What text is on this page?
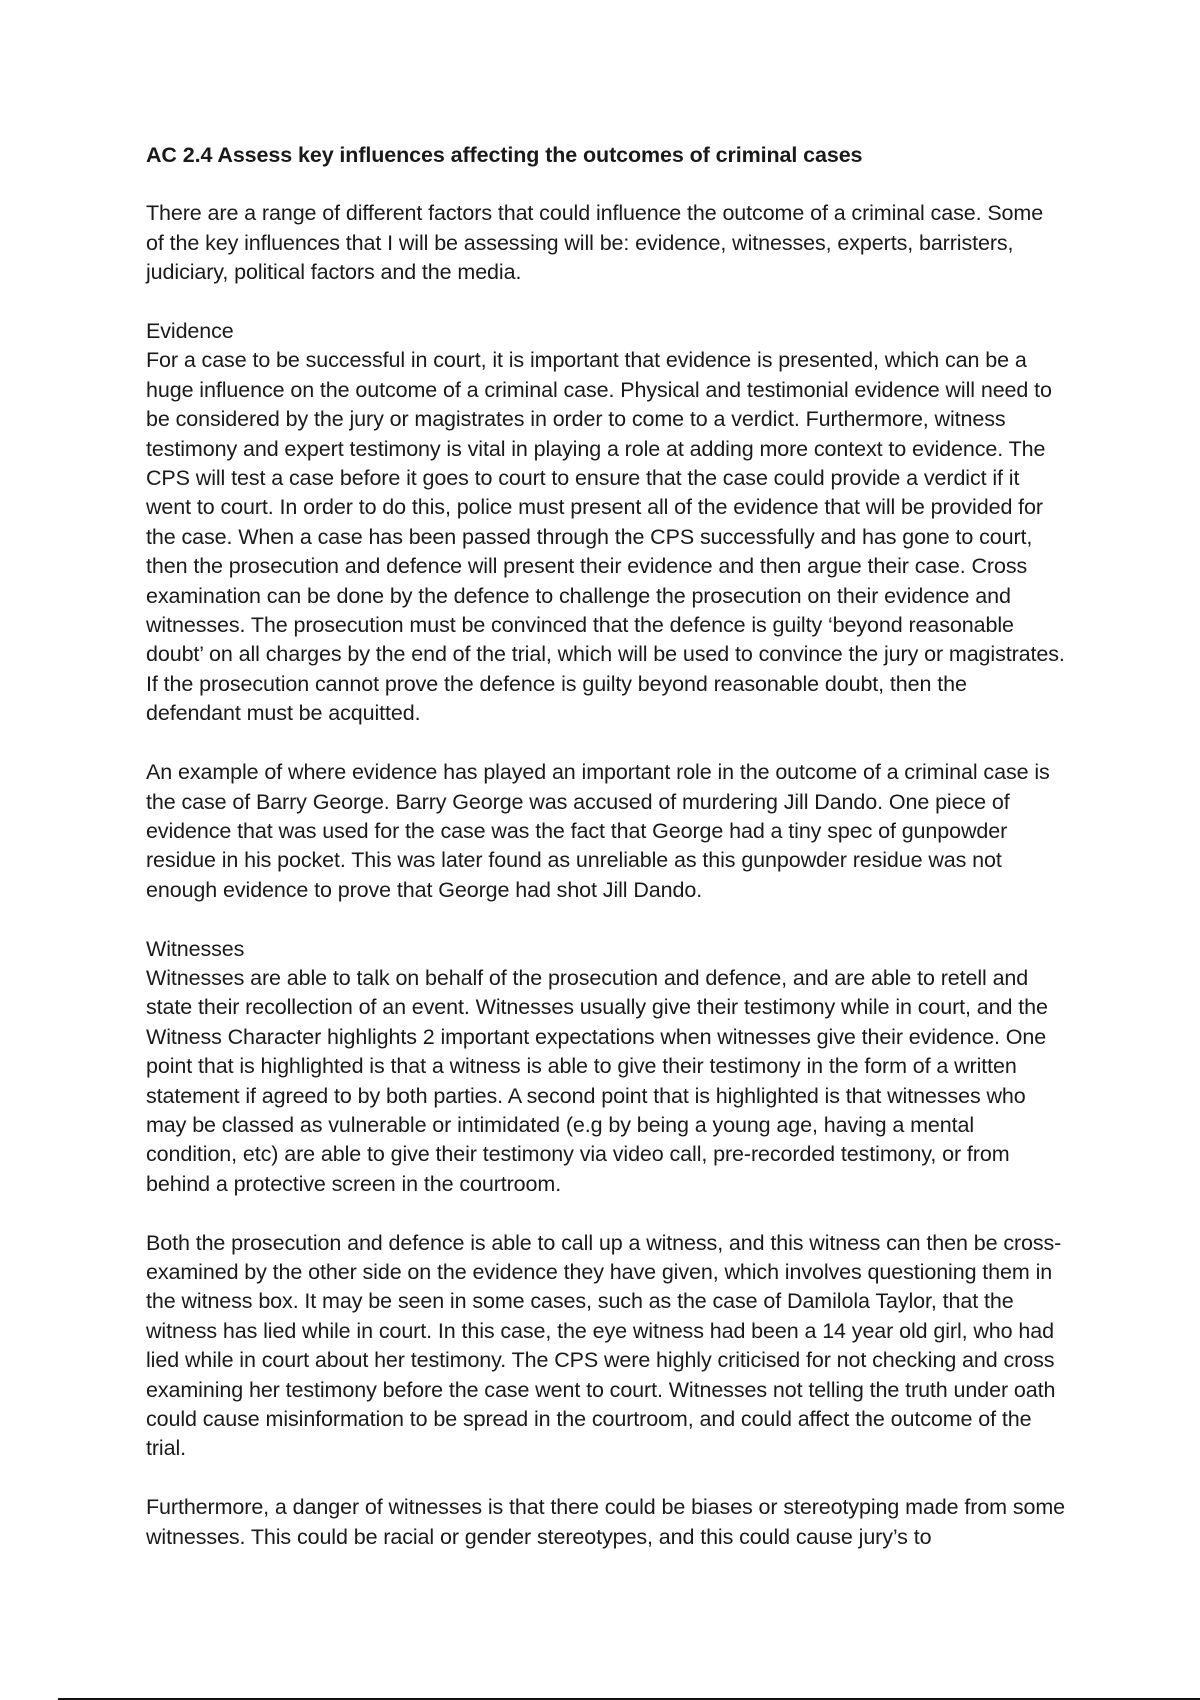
AC 2.4 Assess key influences affecting the outcomes of criminal cases

There are a range of different factors that could influence the outcome of a criminal case. Some of the key influences that I will be assessing will be: evidence, witnesses, experts, barristers, judiciary, political factors and the media.

Evidence
For a case to be successful in court, it is important that evidence is presented, which can be a huge influence on the outcome of a criminal case. Physical and testimonial evidence will need to be considered by the jury or magistrates in order to come to a verdict. Furthermore, witness testimony and expert testimony is vital in playing a role at adding more context to evidence. The CPS will test a case before it goes to court to ensure that the case could provide a verdict if it went to court. In order to do this, police must present all of the evidence that will be provided for the case. When a case has been passed through the CPS successfully and has gone to court, then the prosecution and defence will present their evidence and then argue their case. Cross examination can be done by the defence to challenge the prosecution on their evidence and witnesses. The prosecution must be convinced that the defence is guilty ‘beyond reasonable doubt’ on all charges by the end of the trial, which will be used to convince the jury or magistrates. If the prosecution cannot prove the defence is guilty beyond reasonable doubt, then the defendant must be acquitted.

An example of where evidence has played an important role in the outcome of a criminal case is the case of Barry George. Barry George was accused of murdering Jill Dando. One piece of evidence that was used for the case was the fact that George had a tiny spec of gunpowder residue in his pocket. This was later found as unreliable as this gunpowder residue was not enough evidence to prove that George had shot Jill Dando.

Witnesses
Witnesses are able to talk on behalf of the prosecution and defence, and are able to retell and state their recollection of an event. Witnesses usually give their testimony while in court, and the Witness Character highlights 2 important expectations when witnesses give their evidence. One point that is highlighted is that a witness is able to give their testimony in the form of a written statement if agreed to by both parties. A second point that is highlighted is that witnesses who may be classed as vulnerable or intimidated (e.g by being a young age, having a mental condition, etc) are able to give their testimony via video call, pre-recorded testimony, or from behind a protective screen in the courtroom.

Both the prosecution and defence is able to call up a witness, and this witness can then be cross-examined by the other side on the evidence they have given, which involves questioning them in the witness box. It may be seen in some cases, such as the case of Damilola Taylor, that the witness has lied while in court. In this case, the eye witness had been a 14 year old girl, who had lied while in court about her testimony. The CPS were highly criticised for not checking and cross examining her testimony before the case went to court. Witnesses not telling the truth under oath could cause misinformation to be spread in the courtroom, and could affect the outcome of the trial.

Furthermore, a danger of witnesses is that there could be biases or stereotyping made from some witnesses. This could be racial or gender stereotypes, and this could cause jury’s to
